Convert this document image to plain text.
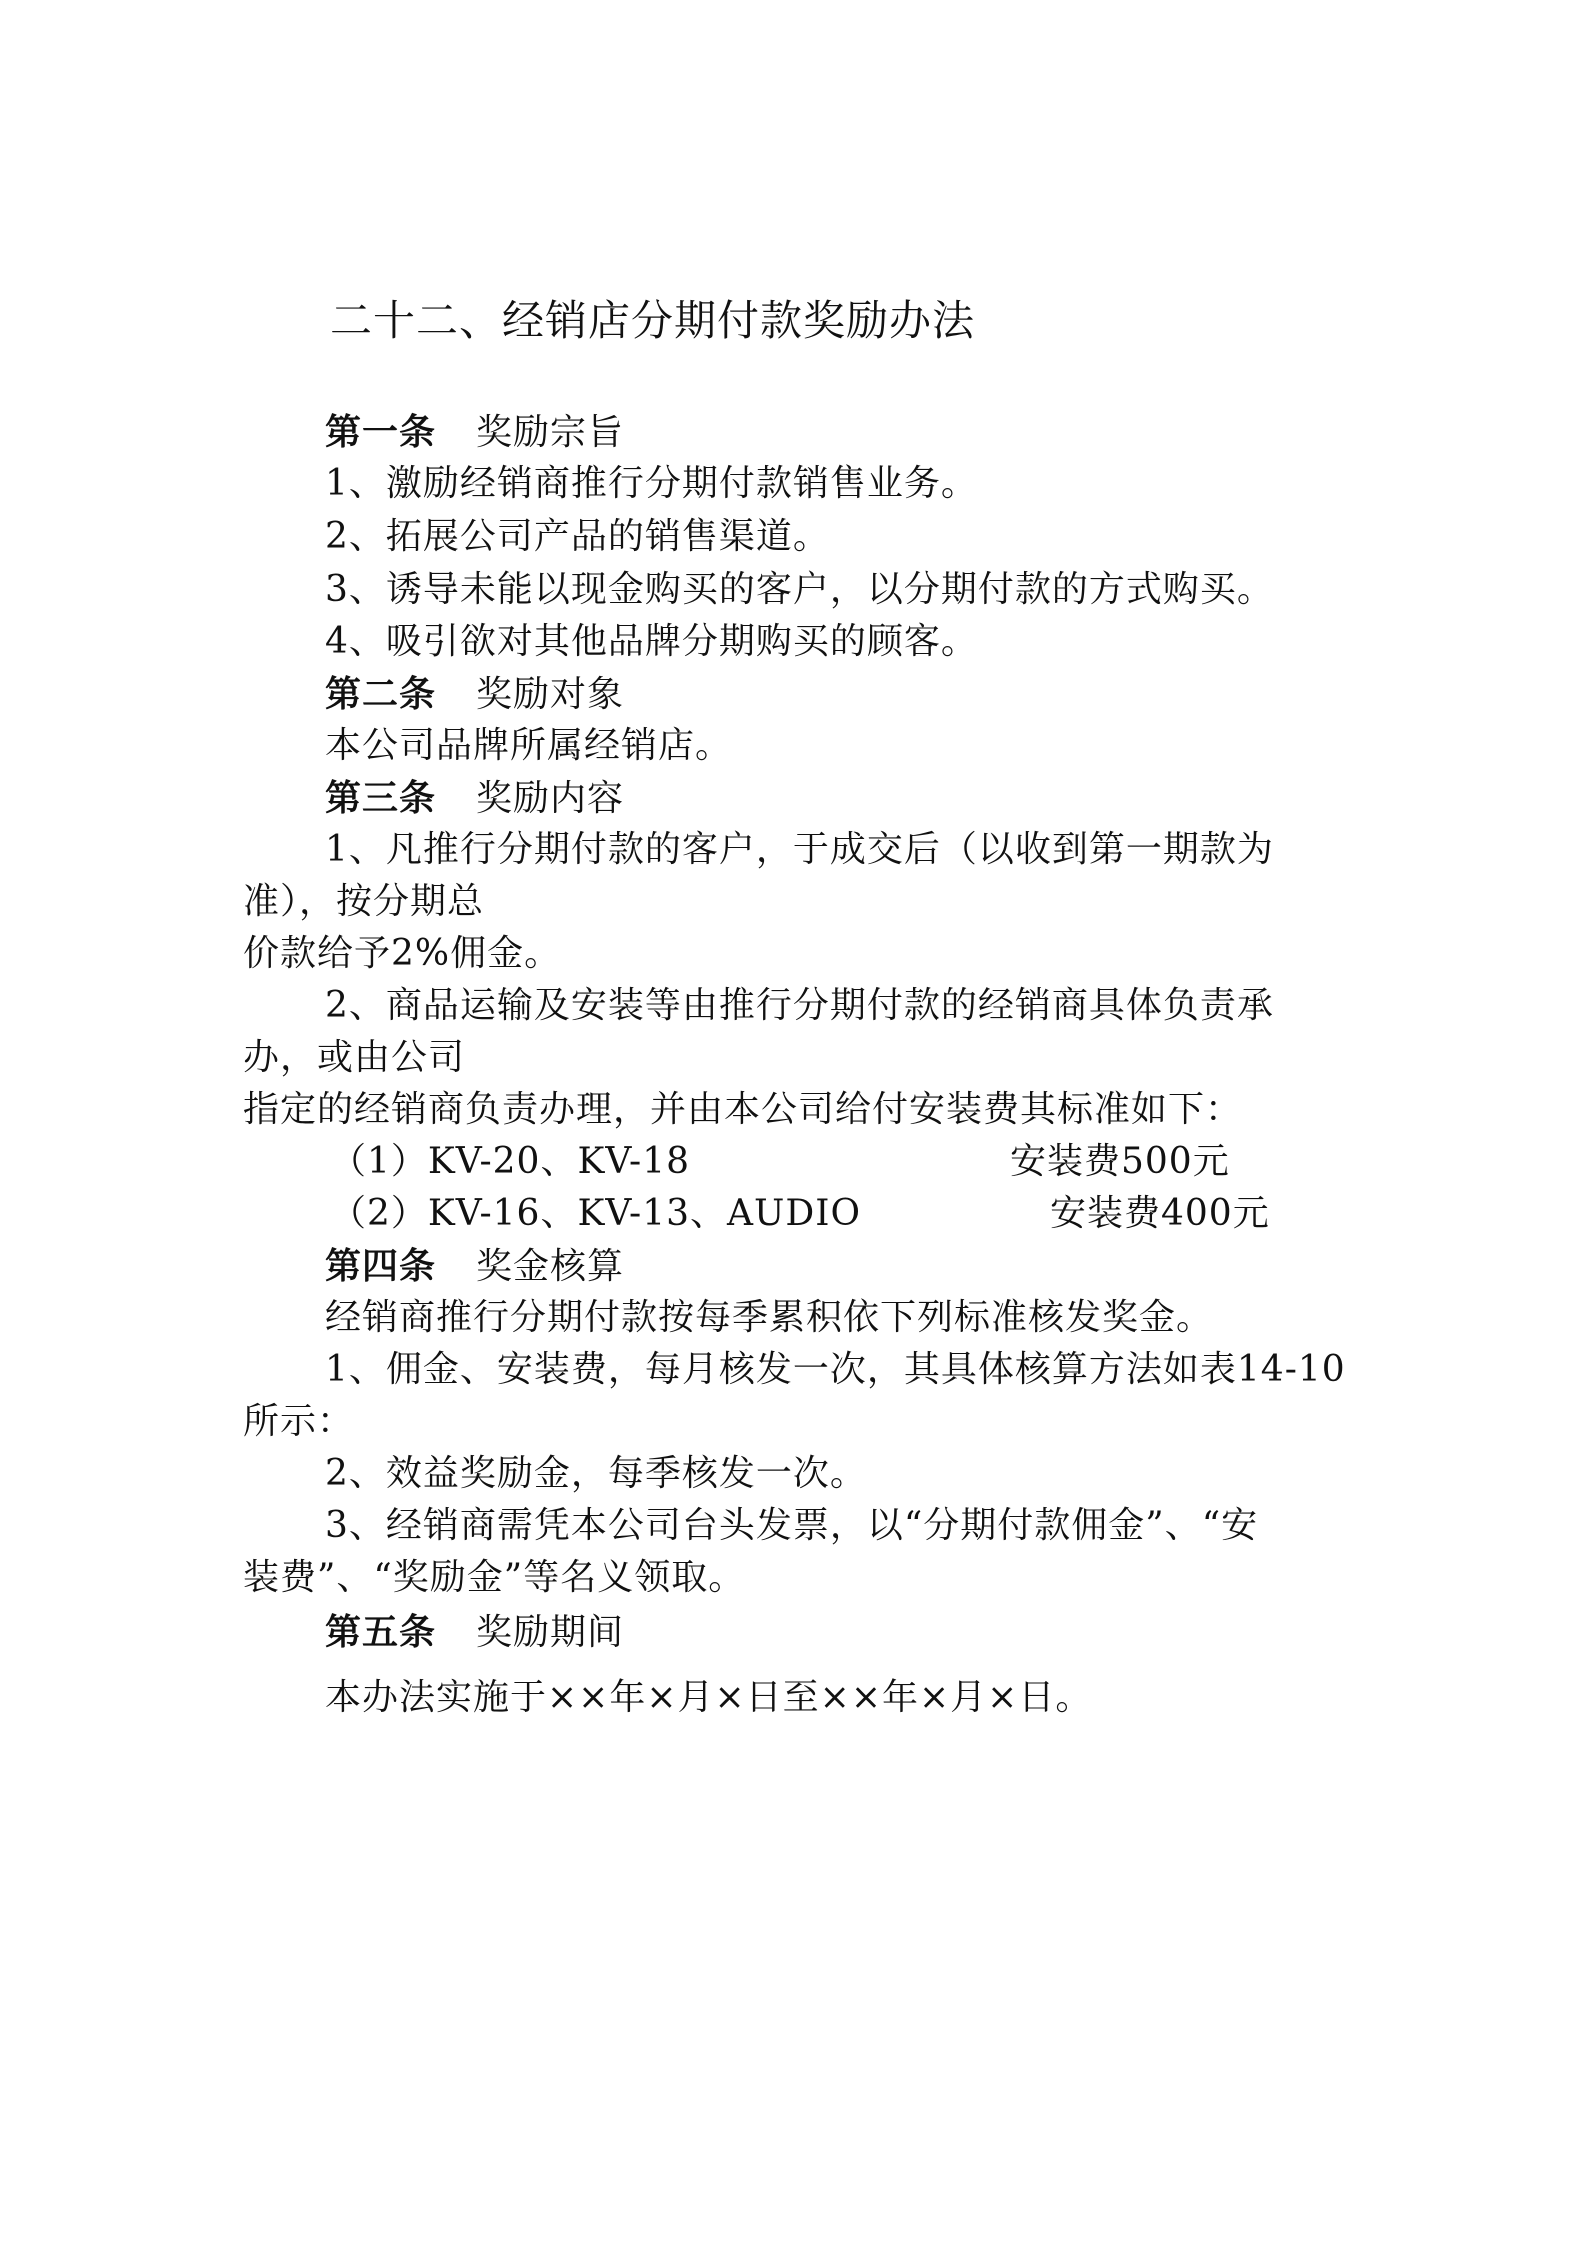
二十二、经销店分期付款奖励办法
第一条 奖励宗旨
1、激励经销商推行分期付款销售业务。
2、拓展公司产品的销售渠道。
3、诱导未能以现金购买的客户，以分期付款的方式购买。
4、吸引欲对其他品牌分期购买的顾客。
第二条 奖励对象
本公司品牌所属经销店。
第三条 奖励内容
1、凡推行分期付款的客户，于成交后（以收到第一期款为
准），按分期总
价款给予2%佣金。
2、商品运输及安装等由推行分期付款的经销商具体负责承
办，或由公司
指定的经销商负责办理，并由本公司给付安装费其标准如下：
（1）KV-20、KV-18	安装费500元
（2）KV-16、KV-13、AUDIO	安装费400元
第四条 奖金核算
经销商推行分期付款按每季累积依下列标准核发奖金。
1、佣金、安装费，每月核发一次，其具体核算方法如表14-10
所示：
2、效益奖励金，每季核发一次。
3、经销商需凭本公司台头发票，以“分期付款佣金”、“安
装费”、“奖励金”等名义领取。
第五条 奖励期间
本办法实施于××年×月×日至××年×月×日。
